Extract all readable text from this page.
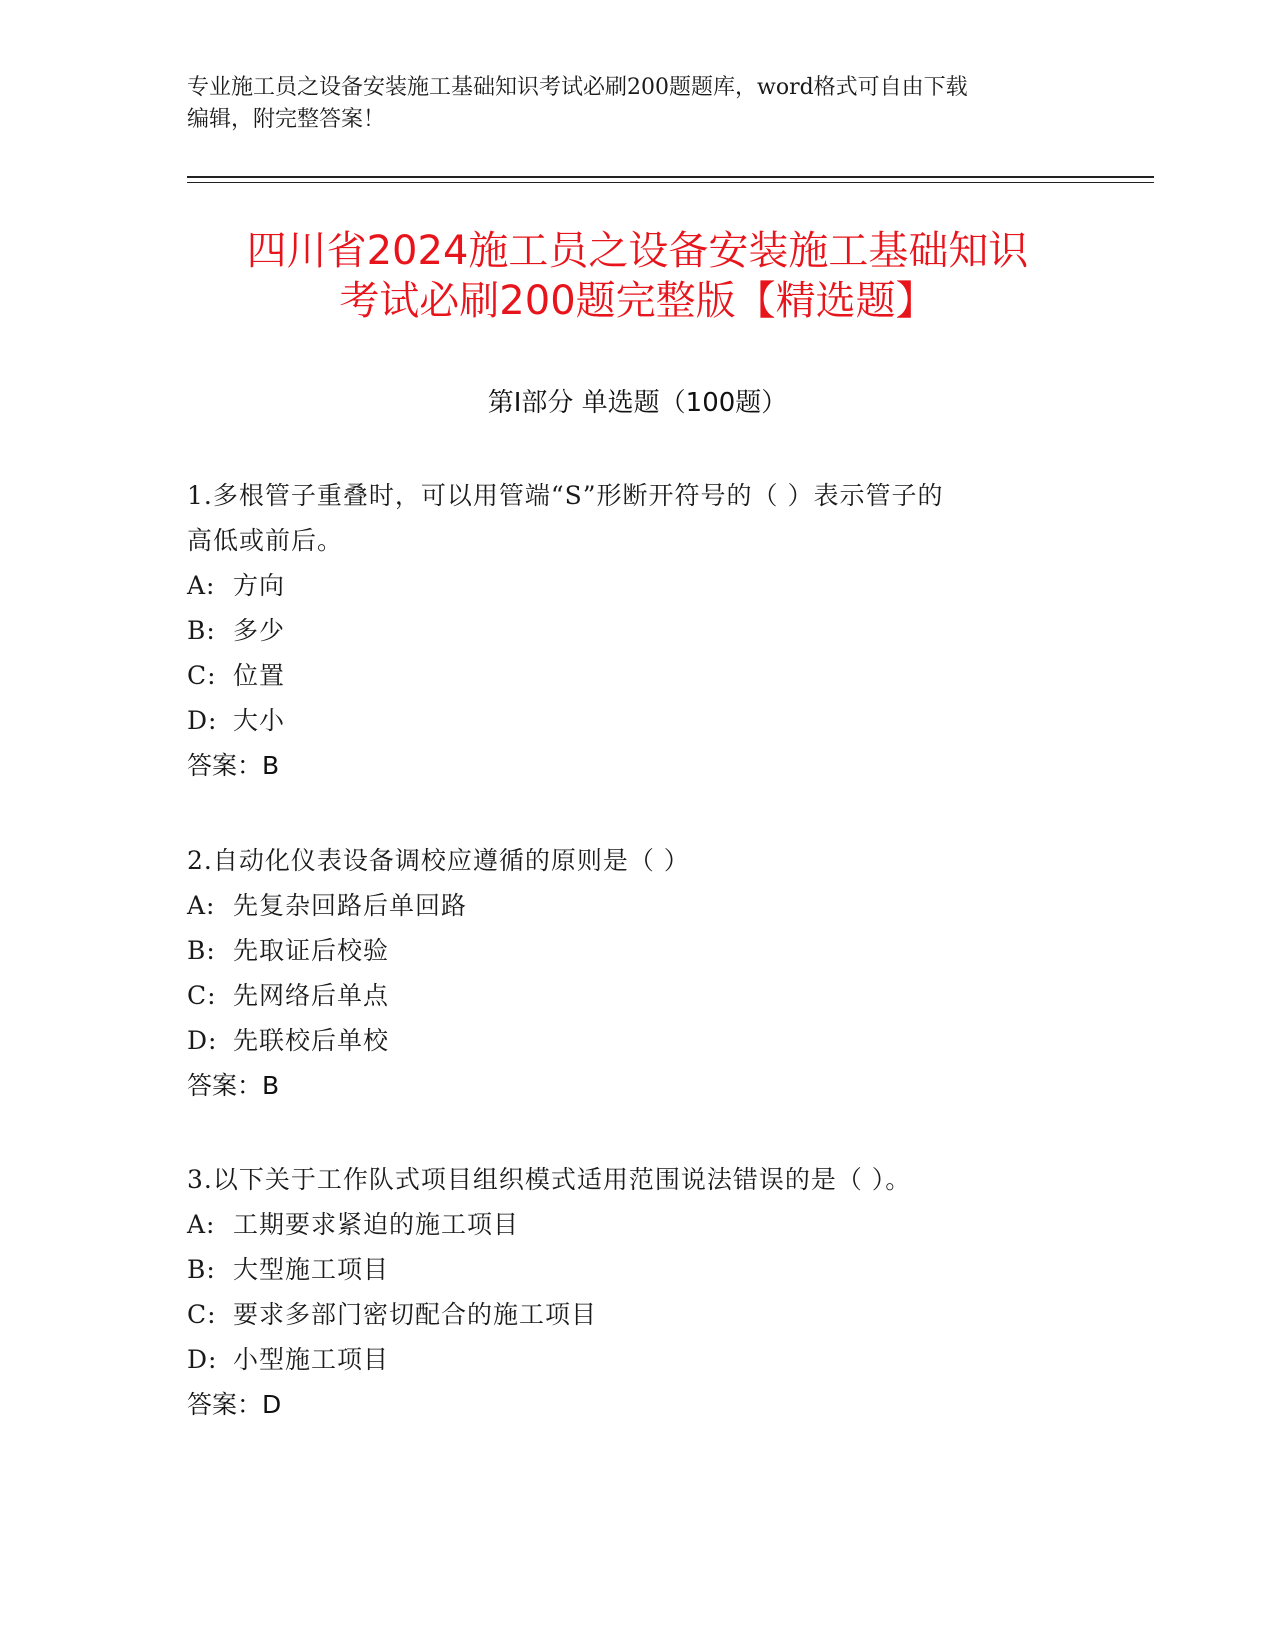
专业施工员之设备安装施工基础知识考试必刷200题题库，word格式可自由下载
编辑，附完整答案！
四川省2024施工员之设备安装施工基础知识
考试必刷200题完整版【精选题】
第Ⅰ部分 单选题（100题）

1.多根管子重叠时，可以用管端“S”形断开符号的（ ）表示管子的

高低或前后。

A: 方向

B: 多少

C: 位置

D: 大小

答案：B

2.自动化仪表设备调校应遵循的原则是（ ）

A: 先复杂回路后单回路

B: 先取证后校验

C: 先网络后单点

D: 先联校后单校

答案：B

3.以下关于工作队式项目组织模式适用范围说法错误的是（ ）。

A: 工期要求紧迫的施工项目

B: 大型施工项目

C: 要求多部门密切配合的施工项目

D: 小型施工项目

答案：D
